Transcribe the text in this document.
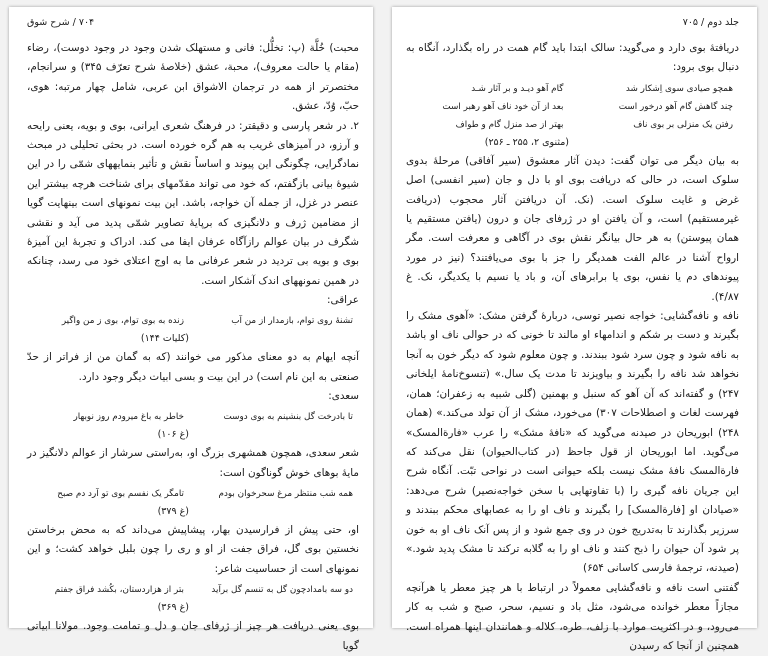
۷۰۴ / شرح شوق

محبت) خُلَّة (پ: تخلُّل: فانی و مستهلک شدن وجود در وجود دوست)، رضاء (مقام یا حالت معروف)، محبة، عشق (خلاصهٔ شرح تعرّف ۳۴۵) و سرانجام، مختصرتر از همه در ترجمان الاشواق ابن عربی، شامل چهار مرتبه: هوی، حبّ، وُدّ، عشق.

۲. در شعر پارسی و دقیقتر: در فرهنگ شعری ایرانی، بوی و بویه، یعنی رایحه و آرزو، در آمیزهای غریب به هم گره خورده است. در بحثی تحلیلی در مبحث نمادگرایی، چگونگی این پیوند و اساساً نقش و تأثیر بنمایههای شمّی را در این شیوهٔ بیانی بازگفتم، که خود می تواند مقدّمهای برای شناخت هرچه بیشتر این عنصر در غزل، از جمله آن خواجه، باشد. این بیت نمونهای است بینهایت گویا از مضامین ژرف و دلانگیزی که برپایهٔ تصاویر شمّی پدید می آید و نقشی شگرف در بیان عوالم رازآگاه عرفان ایفا می کند. ادراک و تجربهٔ این آمیزهٔ بوی و بویه بی تردید در شعر عرفانی ما به اوج اعتلای خود می رسد، چنانکه در همین نمونههای اندک آشکار است.

عراقی:
تشنهٔ روی توام، بازمدار از من آب
زنده به بوی توام، بوی ز من واگیر
(کلیات ۱۴۴)

آنچه ایهام به دو معنای مذکور می خوانند (که به گمان من از فراتر از حدّ صنعتی به این نام است) در این بیت و بسی ابیات دیگر وجود دارد.

سعدی:
تا بادرخت گل بنشینم به بوی دوست
خاطر به باغ میرودم روز نوبهار
(غ ۱۰۶)

شعر سعدی، همچون همشهری بزرگ او، به‌راستی سرشار از عوالم دلانگیز در مایهٔ بوهای خوش گوناگون است:

همه شب منتظر مرغ سحرخوان بودم
تامگر یک نفسم بوی تو آرد دم صبح
(غ ۳۷۹)

او، حتی پیش از فرارسیدن بهار، پیشاپیش می‌داند که به محض برخاستن نخستین بوی گل، فراق جفت از او و ری را چون بلبل خواهد کشت؛ و این نمونهای است از حساسیت شاعر:

دو سه بامدادچون گل به تنسم گل برآید
بتر از هزاردستان، بکُشد فراق جفتم
(غ ۳۶۹)

بوی یعنی دریافت هر چیز از ژرفای جان و دل و تمامت وجود. مولانا ابیاتی گویا

جلد دوم / ۷۰۵

دریافتهٔ بوی دارد و می‌گوید: سالک ابتدا باید گام همت در راه بگذارد، آنگاه به دنبال بوی برود:

همچو صیادی سوی اِشکار شد
گام آهو دیـد و بر آثار شـد
چند گاهش گام آهو درخور است
بعد از آن خود ناف آهو رهبر است
رفتن یک منزلی بر بوی ناف
بهتر از صد منزل گام و طواف
(مثنوی ۲، ۲۵۵ ـ ۲۵۶)

به بیان دیگر می توان گفت: دیدن آثار معشوق (سیر آفاقی) مرحلهٔ بدوی سلوک است، در حالی که دریافت بوی او با دل و جان (سیر انفسی) اصل غرض و غایت سلوک است. (نک. آن دریافتن آثار محجوب (دریافت غیرمستقیم) است، و آن یافتن او در ژرفای جان و درون (یافتن مستقیم یا همان پیوستن) به هر حال بیانگر نقش بوی در آگاهی و معرفت است. مگر ارواح آشنا در عالم الفت همدیگر را جز با بوی می‌یافتند؟ (نیز در مورد پیوندهای دم یا نفس، بوی یا برابرهای آن، و باد یا نسیم با یکدیگر، نک. غ ۴/۸۷).

نافه و نافه‌گشایی: خواجه نصیر توسی، دربارهٔ گرفتن مشک: «آهوی مشک را بگیرند و دست بر شکم و اندامهاء او مالند تا خونی که در حوالی ناف او باشد به نافه شود و چون سرد شود ببندند. و چون معلوم شود که دیگر خون به آنجا نخواهد شد نافه را بگیرند و بیاویزند تا مدت یک سال.» (تنسوخ‌نامهٔ ایلخانی ۲۴۷) و گفته‌اند که آن آهو که سنبل و بهمنین (گلی شبیه به زعفران؛ همان، فهرست لغات و اصطلاحات ۳۰۷) می‌خورد، مشک از آن تولد می‌کند.» (همان ۲۴۸) ابوریحان در صیدنه می‌گوید که «نافهٔ مشک» را عرب «فارة‌المسک» می‌گوید. اما ابوریحان از قول جاحظ (در کتاب‌الحیوان) نقل می‌کند که فارة‌المسک نافهٔ مشک نیست بلکه حیوانی است در نواحی تبّت. آنگاه شرح این جریان نافه گیری را (با تفاوتهایی با سخن خواجه‌نصیر) شرح می‌دهد: «صیادان او [فارة‌المسک] را بگیرند و ناف او را به عصابهای محکم ببندند و سرزیر بگذارند تا به‌تدریج خون در وی جمع شود و از پس آنک ناف او به خون پر شود آن حیوان را ذبح کنند و ناف او را به گلابه ترکند تا مشک پدید شود.» (صیدنه، ترجمهٔ فارسی کاسانی ۶۵۴)

گفتنی است نافه و نافه‌گشایی معمولاً در ارتباط با هر چیز معطر یا هرآنچه مجازاً معطر خوانده می‌شود، مثل باد و نسیم، سحر، صبح و شب به کار می‌رود، و در اکثریت موارد با زلف، طره، کلاله و همانندان اینها همراه است. همچنین از آنجا که رسیدن
